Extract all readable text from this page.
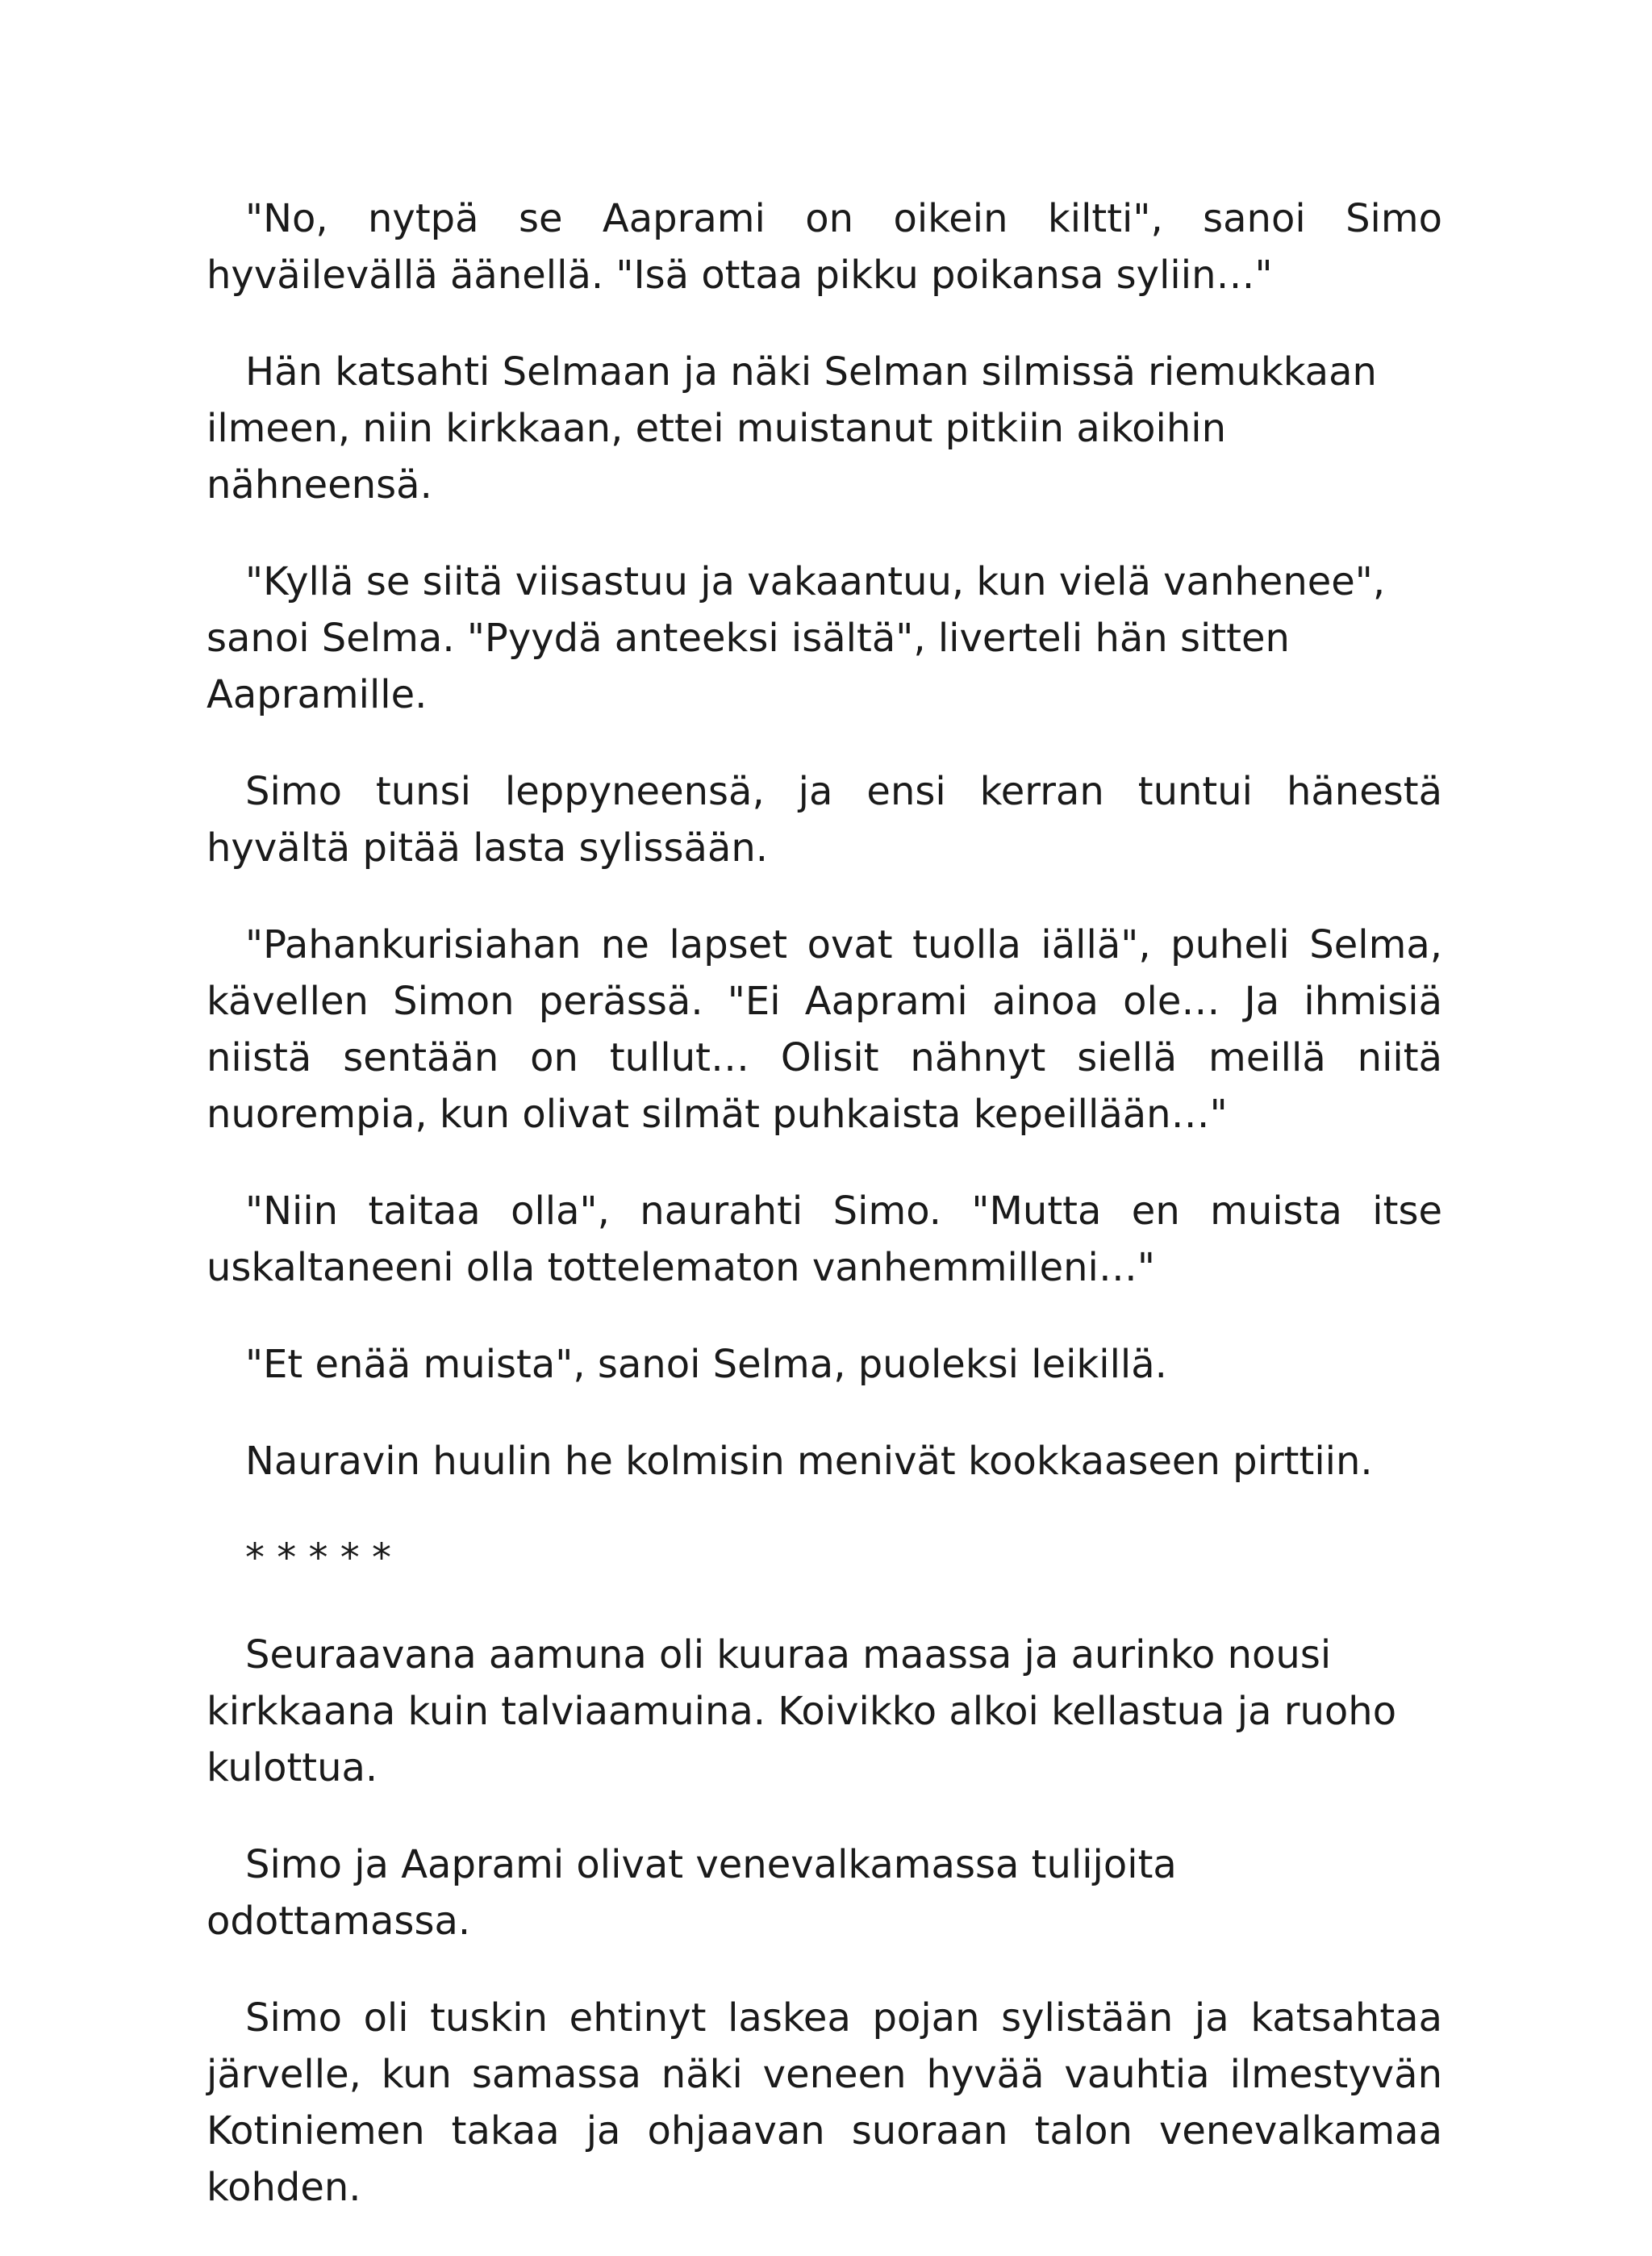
"No, nytpä se Aaprami on oikein kiltti", sanoi Simo hyväilevällä äänellä. "Isä ottaa pikku poikansa syliin…"

Hän katsahti Selmaan ja näki Selman silmissä riemukkaan ilmeen, niin kirkkaan, ettei muistanut pitkiin aikoihin nähneensä.

"Kyllä se siitä viisastuu ja vakaantuu, kun vielä vanhenee", sanoi Selma. "Pyydä anteeksi isältä", liverteli hän sitten Aapramille.

Simo tunsi leppyneensä, ja ensi kerran tuntui hänestä hyvältä pitää lasta sylissään.

"Pahankurisiahan ne lapset ovat tuolla iällä", puheli Selma, kävellen Simon perässä. "Ei Aaprami ainoa ole… Ja ihmisiä niistä sentään on tullut… Olisit nähnyt siellä meillä niitä nuorempia, kun olivat silmät puhkaista kepeillään…"

"Niin taitaa olla", naurahti Simo. "Mutta en muista itse uskaltaneeni olla tottelematon vanhemmilleni…"

"Et enää muista", sanoi Selma, puoleksi leikillä.

Nauravin huulin he kolmisin menivät kookkaaseen pirttiin.

* * * * *

Seuraavana aamuna oli kuuraa maassa ja aurinko nousi kirkkaana kuin talviaamuina. Koivikko alkoi kellastua ja ruoho kulottua.

Simo ja Aaprami olivat venevalkamassa tulijoita odottamassa.

Simo oli tuskin ehtinyt laskea pojan sylistään ja katsahtaa järvelle, kun samassa näki veneen hyvää vauhtia ilmestyvän Kotiniemen takaa ja ohjaavan suoraan talon venevalkamaa kohden.
